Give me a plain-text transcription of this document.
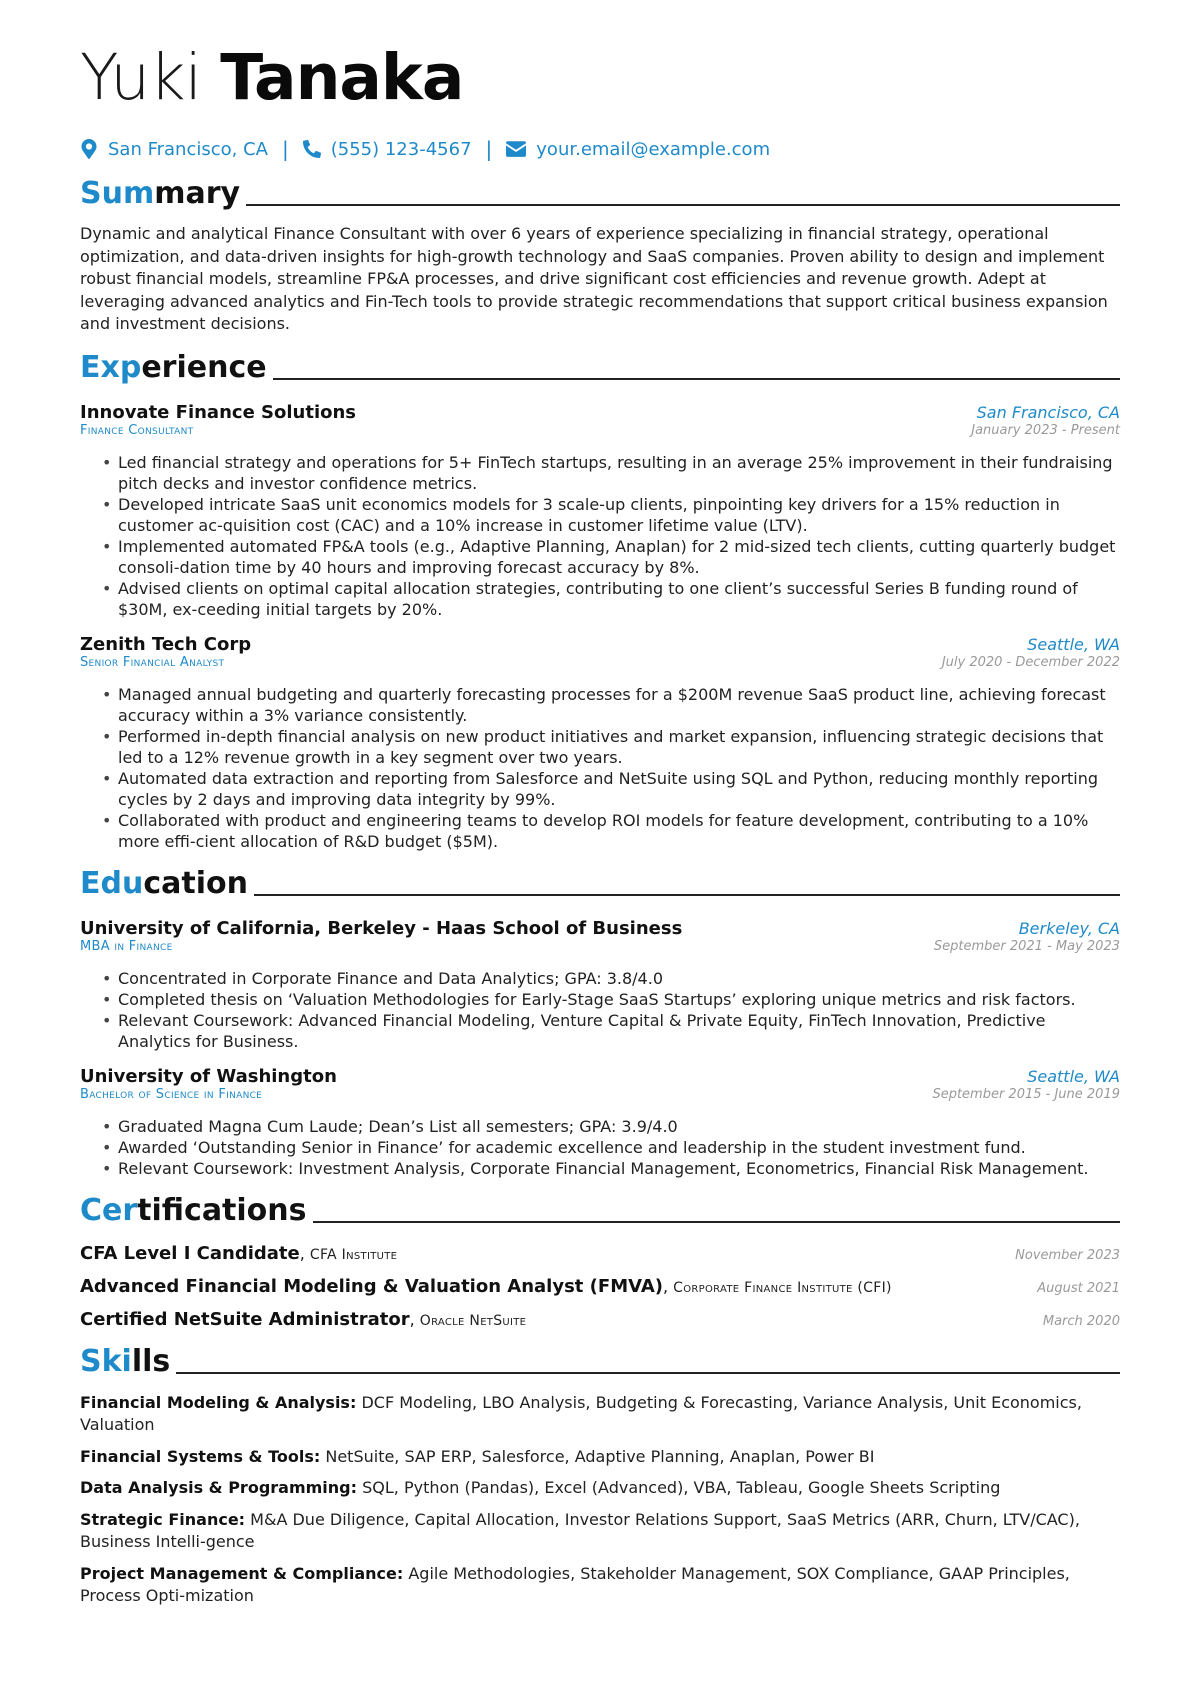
Yuki Tanaka
San Francisco, CA | (555) 123-4567 | your.email@example.com
Summary
Dynamic and analytical Finance Consultant with over 6 years of experience specializing in financial strategy, operational optimization, and data-driven insights for high-growth technology and SaaS companies. Proven ability to design and implement robust financial models, streamline FP&A processes, and drive significant cost efficiencies and revenue growth. Adept at leveraging advanced analytics and Fin-Tech tools to provide strategic recommendations that support critical business expansion and investment decisions.
Experience
Innovate Finance Solutions	San Francisco, CA
Finance Consultant	January 2023 - Present
• Led financial strategy and operations for 5+ FinTech startups, resulting in an average 25% improvement in their fundraising pitch decks and investor confidence metrics.
• Developed intricate SaaS unit economics models for 3 scale-up clients, pinpointing key drivers for a 15% reduction in customer ac-quisition cost (CAC) and a 10% increase in customer lifetime value (LTV).
• Implemented automated FP&A tools (e.g., Adaptive Planning, Anaplan) for 2 mid-sized tech clients, cutting quarterly budget consoli-dation time by 40 hours and improving forecast accuracy by 8%.
• Advised clients on optimal capital allocation strategies, contributing to one client’s successful Series B funding round of $30M, ex-ceeding initial targets by 20%.
Zenith Tech Corp	Seattle, WA
Senior Financial Analyst	July 2020 - December 2022
• Managed annual budgeting and quarterly forecasting processes for a $200M revenue SaaS product line, achieving forecast accuracy within a 3% variance consistently.
• Performed in-depth financial analysis on new product initiatives and market expansion, influencing strategic decisions that led to a 12% revenue growth in a key segment over two years.
• Automated data extraction and reporting from Salesforce and NetSuite using SQL and Python, reducing monthly reporting cycles by 2 days and improving data integrity by 99%.
• Collaborated with product and engineering teams to develop ROI models for feature development, contributing to a 10% more effi-cient allocation of R&D budget ($5M).
Education
University of California, Berkeley - Haas School of Business	Berkeley, CA
MBA in Finance	September 2021 - May 2023
• Concentrated in Corporate Finance and Data Analytics; GPA: 3.8/4.0
• Completed thesis on ‘Valuation Methodologies for Early-Stage SaaS Startups’ exploring unique metrics and risk factors.
• Relevant Coursework: Advanced Financial Modeling, Venture Capital & Private Equity, FinTech Innovation, Predictive Analytics for Business.
University of Washington	Seattle, WA
Bachelor of Science in Finance	September 2015 - June 2019
• Graduated Magna Cum Laude; Dean’s List all semesters; GPA: 3.9/4.0
• Awarded ‘Outstanding Senior in Finance’ for academic excellence and leadership in the student investment fund.
• Relevant Coursework: Investment Analysis, Corporate Financial Management, Econometrics, Financial Risk Management.
Certifications
CFA Level I Candidate, CFA Institute	November 2023
Advanced Financial Modeling & Valuation Analyst (FMVA), Corporate Finance Institute (CFI)	August 2021
Certified NetSuite Administrator, Oracle NetSuite	March 2020
Skills
Financial Modeling & Analysis: DCF Modeling, LBO Analysis, Budgeting & Forecasting, Variance Analysis, Unit Economics, Valuation
Financial Systems & Tools: NetSuite, SAP ERP, Salesforce, Adaptive Planning, Anaplan, Power BI
Data Analysis & Programming: SQL, Python (Pandas), Excel (Advanced), VBA, Tableau, Google Sheets Scripting
Strategic Finance: M&A Due Diligence, Capital Allocation, Investor Relations Support, SaaS Metrics (ARR, Churn, LTV/CAC), Business Intelli-gence
Project Management & Compliance: Agile Methodologies, Stakeholder Management, SOX Compliance, GAAP Principles, Process Opti-mization
